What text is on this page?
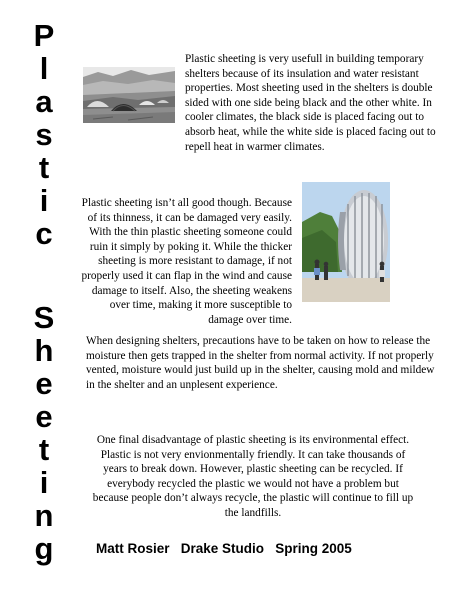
P
l
a
s
t
i
c
S
h
e
e
t
i
n
g
Plastic sheeting is very usefull in building temporary shelters because of its insulation and water resistant properties. Most sheeting used in the shelters is double sided with one side being black and the other white. In cooler climates, the black side is placed facing out to absorb heat, while the white side is placed facing out to repell heat in warmer climates.
Plastic sheeting isn’t all good though. Because of its thinness, it can be damaged very easily. With the thin plastic sheeting someone could ruin it simply by poking it. While the thicker sheeting is more resistant to damage, if not properly used it can flap in the wind and cause damage to itself. Also, the sheeting weakens over time, making it more susceptible to damage over time.
When designing shelters, precautions have to be taken on how to release the moisture then gets trapped in the shelter from normal activity. If not properly vented, moisture would just build up in the shelter, causing mold and mildew in the shelter and an unplesent experience.
One final disadvantage of plastic sheeting is its environmental effect. Plastic is not very envionmentally friendly. It can take thousands of years to break down. However, plastic sheeting can be recycled. If everybody recycled the plastic we would not have a problem but because people don’t always recycle, the plastic will continue to fill up the landfills.
Matt Rosier   Drake Studio   Spring 2005
